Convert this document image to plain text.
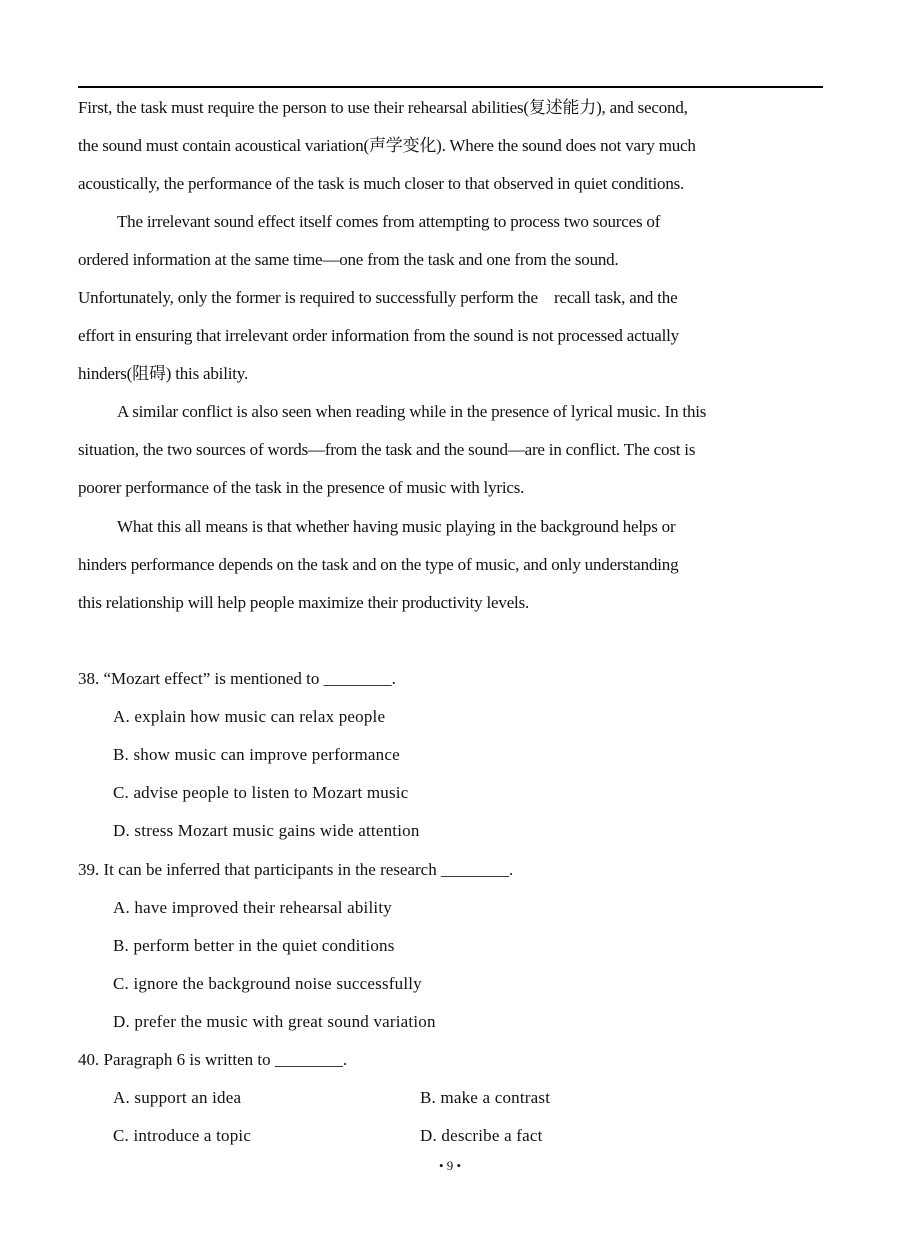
First, the task must require the person to use their rehearsal abilities(复述能力), and second,
the sound must contain acoustical variation(声学变化). Where the sound does not vary much
acoustically, the performance of the task is much closer to that observed in quiet conditions.
The irrelevant sound effect itself comes from attempting to process two sources of
ordered information at the same time—one from the task and one from the sound.
Unfortunately, only the former is required to successfully perform the    recall task, and the
effort in ensuring that irrelevant order information from the sound is not processed actually
hinders(阻碍) this ability.
A similar conflict is also seen when reading while in the presence of lyrical music. In this
situation, the two sources of words—from the task and the sound—are in conflict. The cost is
poorer performance of the task in the presence of music with lyrics.
What this all means is that whether having music playing in the background helps or
hinders performance depends on the task and on the type of music, and only understanding
this relationship will help people maximize their productivity levels.
38. “Mozart effect” is mentioned to ________.
A. explain how music can relax people
B. show music can improve performance
C. advise people to listen to Mozart music
D. stress Mozart music gains wide attention
39. It can be inferred that participants in the research ________.
A. have improved their rehearsal ability
B. perform better in the quiet conditions
C. ignore the background noise successfully
D. prefer the music with great sound variation
40. Paragraph 6 is written to ________.
A. support an idea	B. make a contrast
C. introduce a topic	D. describe a fact
• 9 •
